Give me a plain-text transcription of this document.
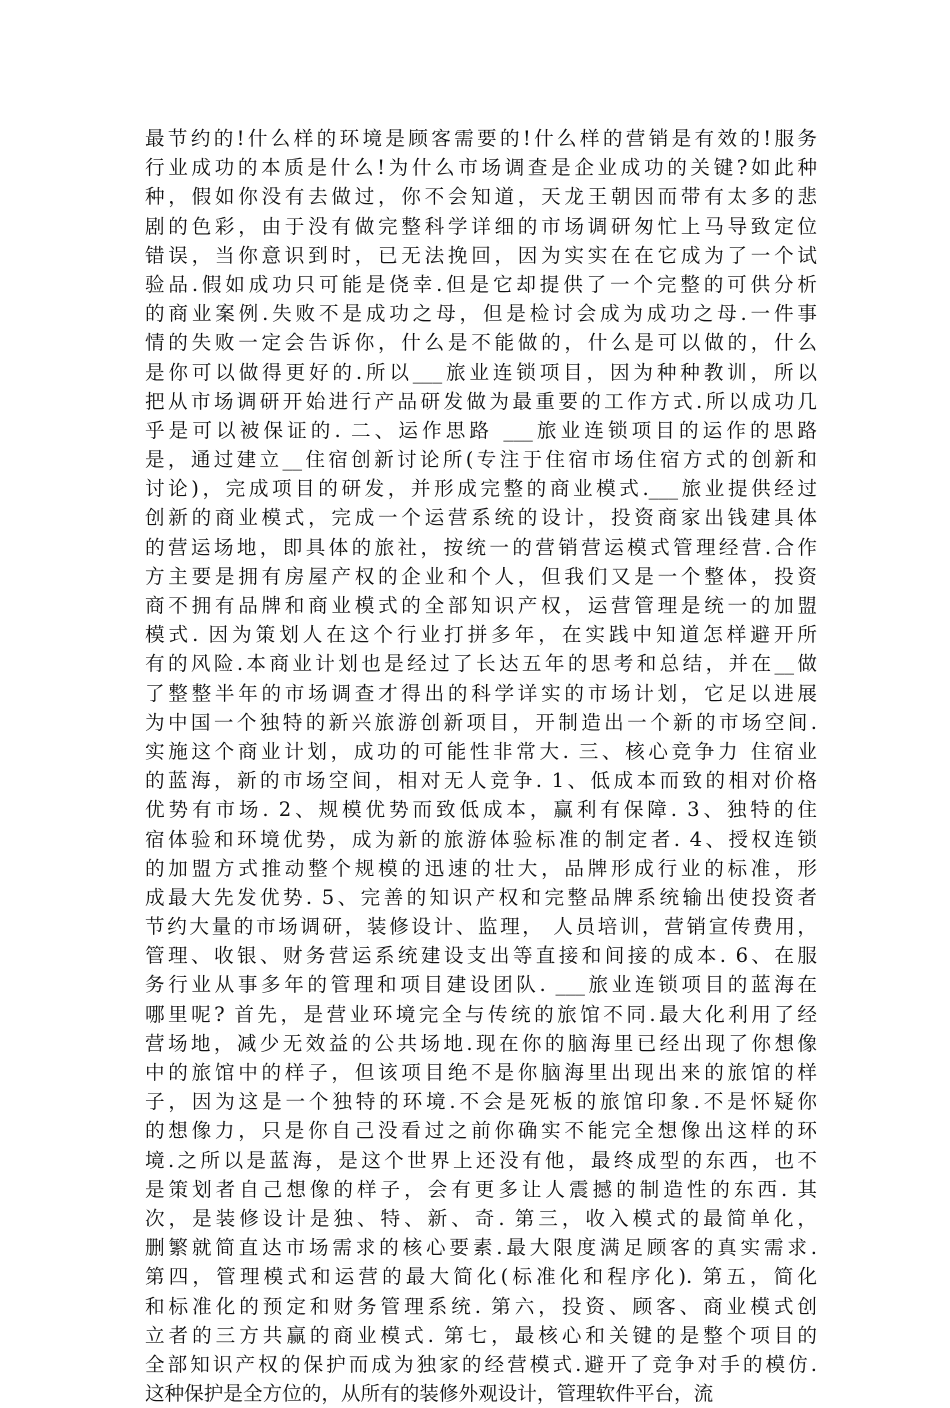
最节约的!什么样的环境是顾客需要的!什么样的营销是有效的!服务
行业成功的本质是什么!为什么市场调查是企业成功的关键?如此种
种，假如你没有去做过，你不会知道，天龙王朝因而带有太多的悲
剧的色彩，由于没有做完整科学详细的市场调研匆忙上马导致定位
错误，当你意识到时，已无法挽回，因为实实在在它成为了一个试
验品.假如成功只可能是侥幸.但是它却提供了一个完整的可供分析
的商业案例.失败不是成功之母，但是检讨会成为成功之母.一件事
情的失败一定会告诉你，什么是不能做的，什么是可以做的，什么
是你可以做得更好的.所以___旅业连锁项目，因为种种教训，所以
把从市场调研开始进行产品研发做为最重要的工作方式.所以成功几
乎是可以被保证的. 二、运作思路 ___旅业连锁项目的运作的思路
是，通过建立__住宿创新讨论所(专注于住宿市场住宿方式的创新和
讨论)，完成项目的研发，并形成完整的商业模式.___旅业提供经过
创新的商业模式，完成一个运营系统的设计，投资商家出钱建具体
的营运场地，即具体的旅社，按统一的营销营运模式管理经营.合作
方主要是拥有房屋产权的企业和个人，但我们又是一个整体，投资
商不拥有品牌和商业模式的全部知识产权，运营管理是统一的加盟
模式. 因为策划人在这个行业打拼多年，在实践中知道怎样避开所
有的风险.本商业计划也是经过了长达五年的思考和总结，并在__做
了整整半年的市场调查才得出的科学详实的市场计划，它足以进展
为中国一个独特的新兴旅游创新项目，开制造出一个新的市场空间.
实施这个商业计划，成功的可能性非常大. 三、核心竞争力 住宿业
的蓝海，新的市场空间，相对无人竞争. 1、低成本而致的相对价格
优势有市场. 2、规模优势而致低成本，赢利有保障. 3、独特的住
宿体验和环境优势，成为新的旅游体验标准的制定者. 4、授权连锁
的加盟方式推动整个规模的迅速的壮大，品牌形成行业的标准，形
成最大先发优势. 5、完善的知识产权和完整品牌系统输出使投资者
节约大量的市场调研，装修设计、监理， 人员培训，营销宣传费用，
管理、收银、财务营运系统建设支出等直接和间接的成本. 6、在服
务行业从事多年的管理和项目建设团队. ___旅业连锁项目的蓝海在
哪里呢? 首先，是营业环境完全与传统的旅馆不同.最大化利用了经
营场地，减少无效益的公共场地.现在你的脑海里已经出现了你想像
中的旅馆中的样子，但该项目绝不是你脑海里出现出来的旅馆的样
子，因为这是一个独特的环境.不会是死板的旅馆印象.不是怀疑你
的想像力，只是你自己没看过之前你确实不能完全想像出这样的环
境.之所以是蓝海，是这个世界上还没有他，最终成型的东西，也不
是策划者自己想像的样子，会有更多让人震撼的制造性的东西. 其
次，是装修设计是独、特、新、奇. 第三，收入模式的最简单化，
删繁就简直达市场需求的核心要素.最大限度满足顾客的真实需求.
第四，管理模式和运营的最大简化(标准化和程序化). 第五，简化
和标准化的预定和财务管理系统. 第六，投资、顾客、商业模式创
立者的三方共赢的商业模式. 第七，最核心和关键的是整个项目的
全部知识产权的保护而成为独家的经营模式.避开了竞争对手的模仿.
这种保护是全方位的，从所有的装修外观设计，管理软件平台，流
